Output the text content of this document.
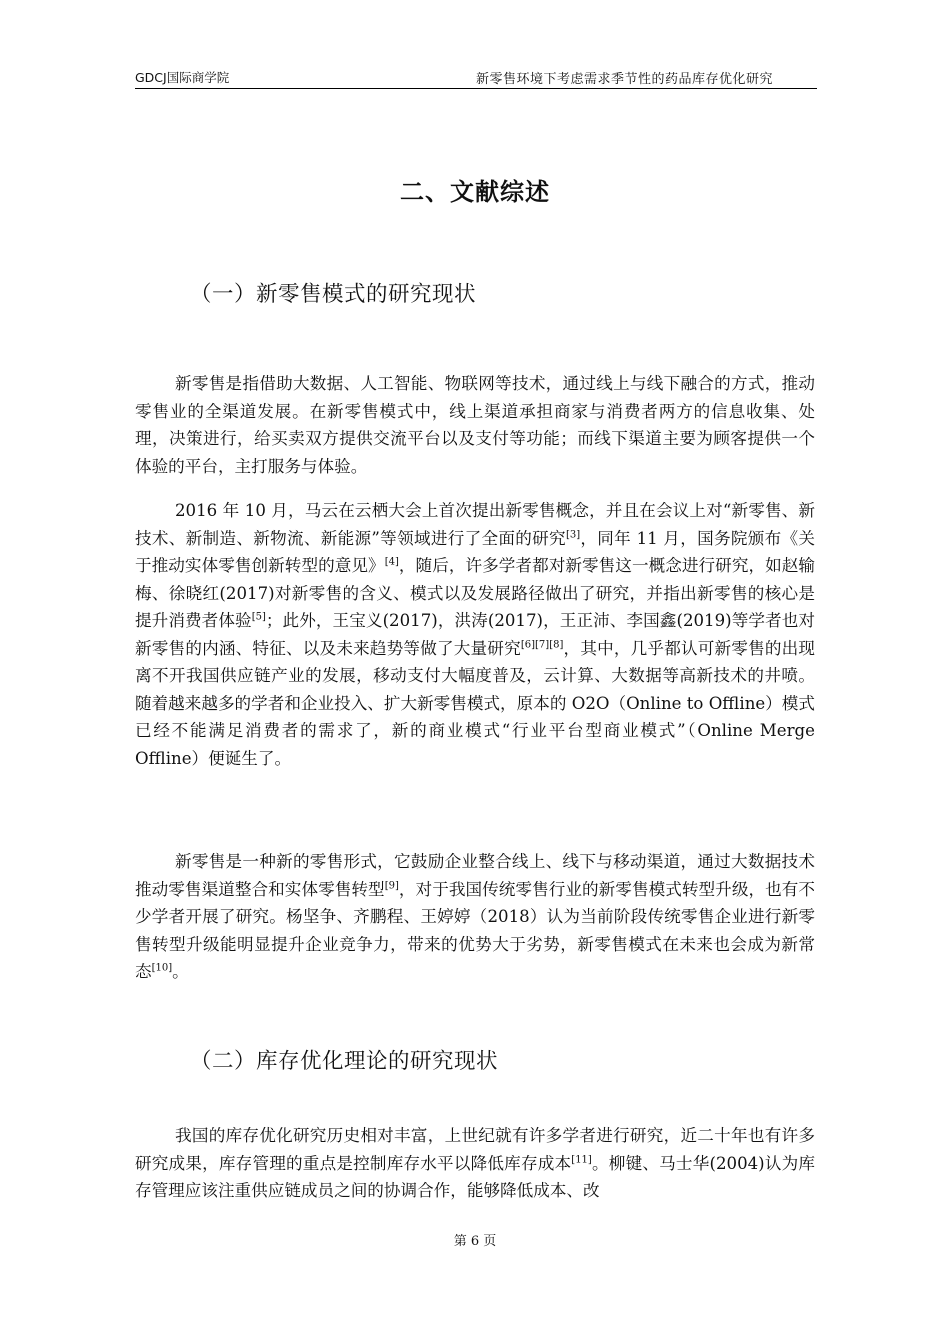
GDCJ国际商学院	新零售环境下考虑需求季节性的药品库存优化研究
二、文献综述
（一）新零售模式的研究现状
新零售是指借助大数据、人工智能、物联网等技术，通过线上与线下融合的方式，推动零售业的全渠道发展。在新零售模式中，线上渠道承担商家与消费者两方的信息收集、处理，决策进行，给买卖双方提供交流平台以及支付等功能；而线下渠道主要为顾客提供一个体验的平台，主打服务与体验。
2016 年 10 月，马云在云栖大会上首次提出新零售概念，并且在会议上对“新零售、新技术、新制造、新物流、新能源”等领域进行了全面的研究[3]，同年 11 月，国务院颁布《关于推动实体零售创新转型的意见》[4]，随后，许多学者都对新零售这一概念进行研究，如赵输梅、徐晓红(2017)对新零售的含义、模式以及发展路径做出了研究，并指出新零售的核心是提升消费者体验[5]；此外，王宝义(2017)，洪涛(2017)，王正沛、李国鑫(2019)等学者也对新零售的内涵、特征、以及未来趋势等做了大量研究[6][7][8]，其中，几乎都认可新零售的出现离不开我国供应链产业的发展，移动支付大幅度普及，云计算、大数据等高新技术的井喷。随着越来越多的学者和企业投入、扩大新零售模式，原本的 O2O（Online to Offline）模式已经不能满足消费者的需求了，新的商业模式“行业平台型商业模式”（Online Merge Offline）便诞生了。
新零售是一种新的零售形式，它鼓励企业整合线上、线下与移动渠道，通过大数据技术推动零售渠道整合和实体零售转型[9]，对于我国传统零售行业的新零售模式转型升级，也有不少学者开展了研究。杨坚争、齐鹏程、王婷婷（2018）认为当前阶段传统零售企业进行新零售转型升级能明显提升企业竞争力，带来的优势大于劣势，新零售模式在未来也会成为新常态[10]。
（二）库存优化理论的研究现状
我国的库存优化研究历史相对丰富，上世纪就有许多学者进行研究，近二十年也有许多研究成果，库存管理的重点是控制库存水平以降低库存成本[11]。柳键、马士华(2004)认为库存管理应该注重供应链成员之间的协调合作，能够降低成本、改
第 6 页
